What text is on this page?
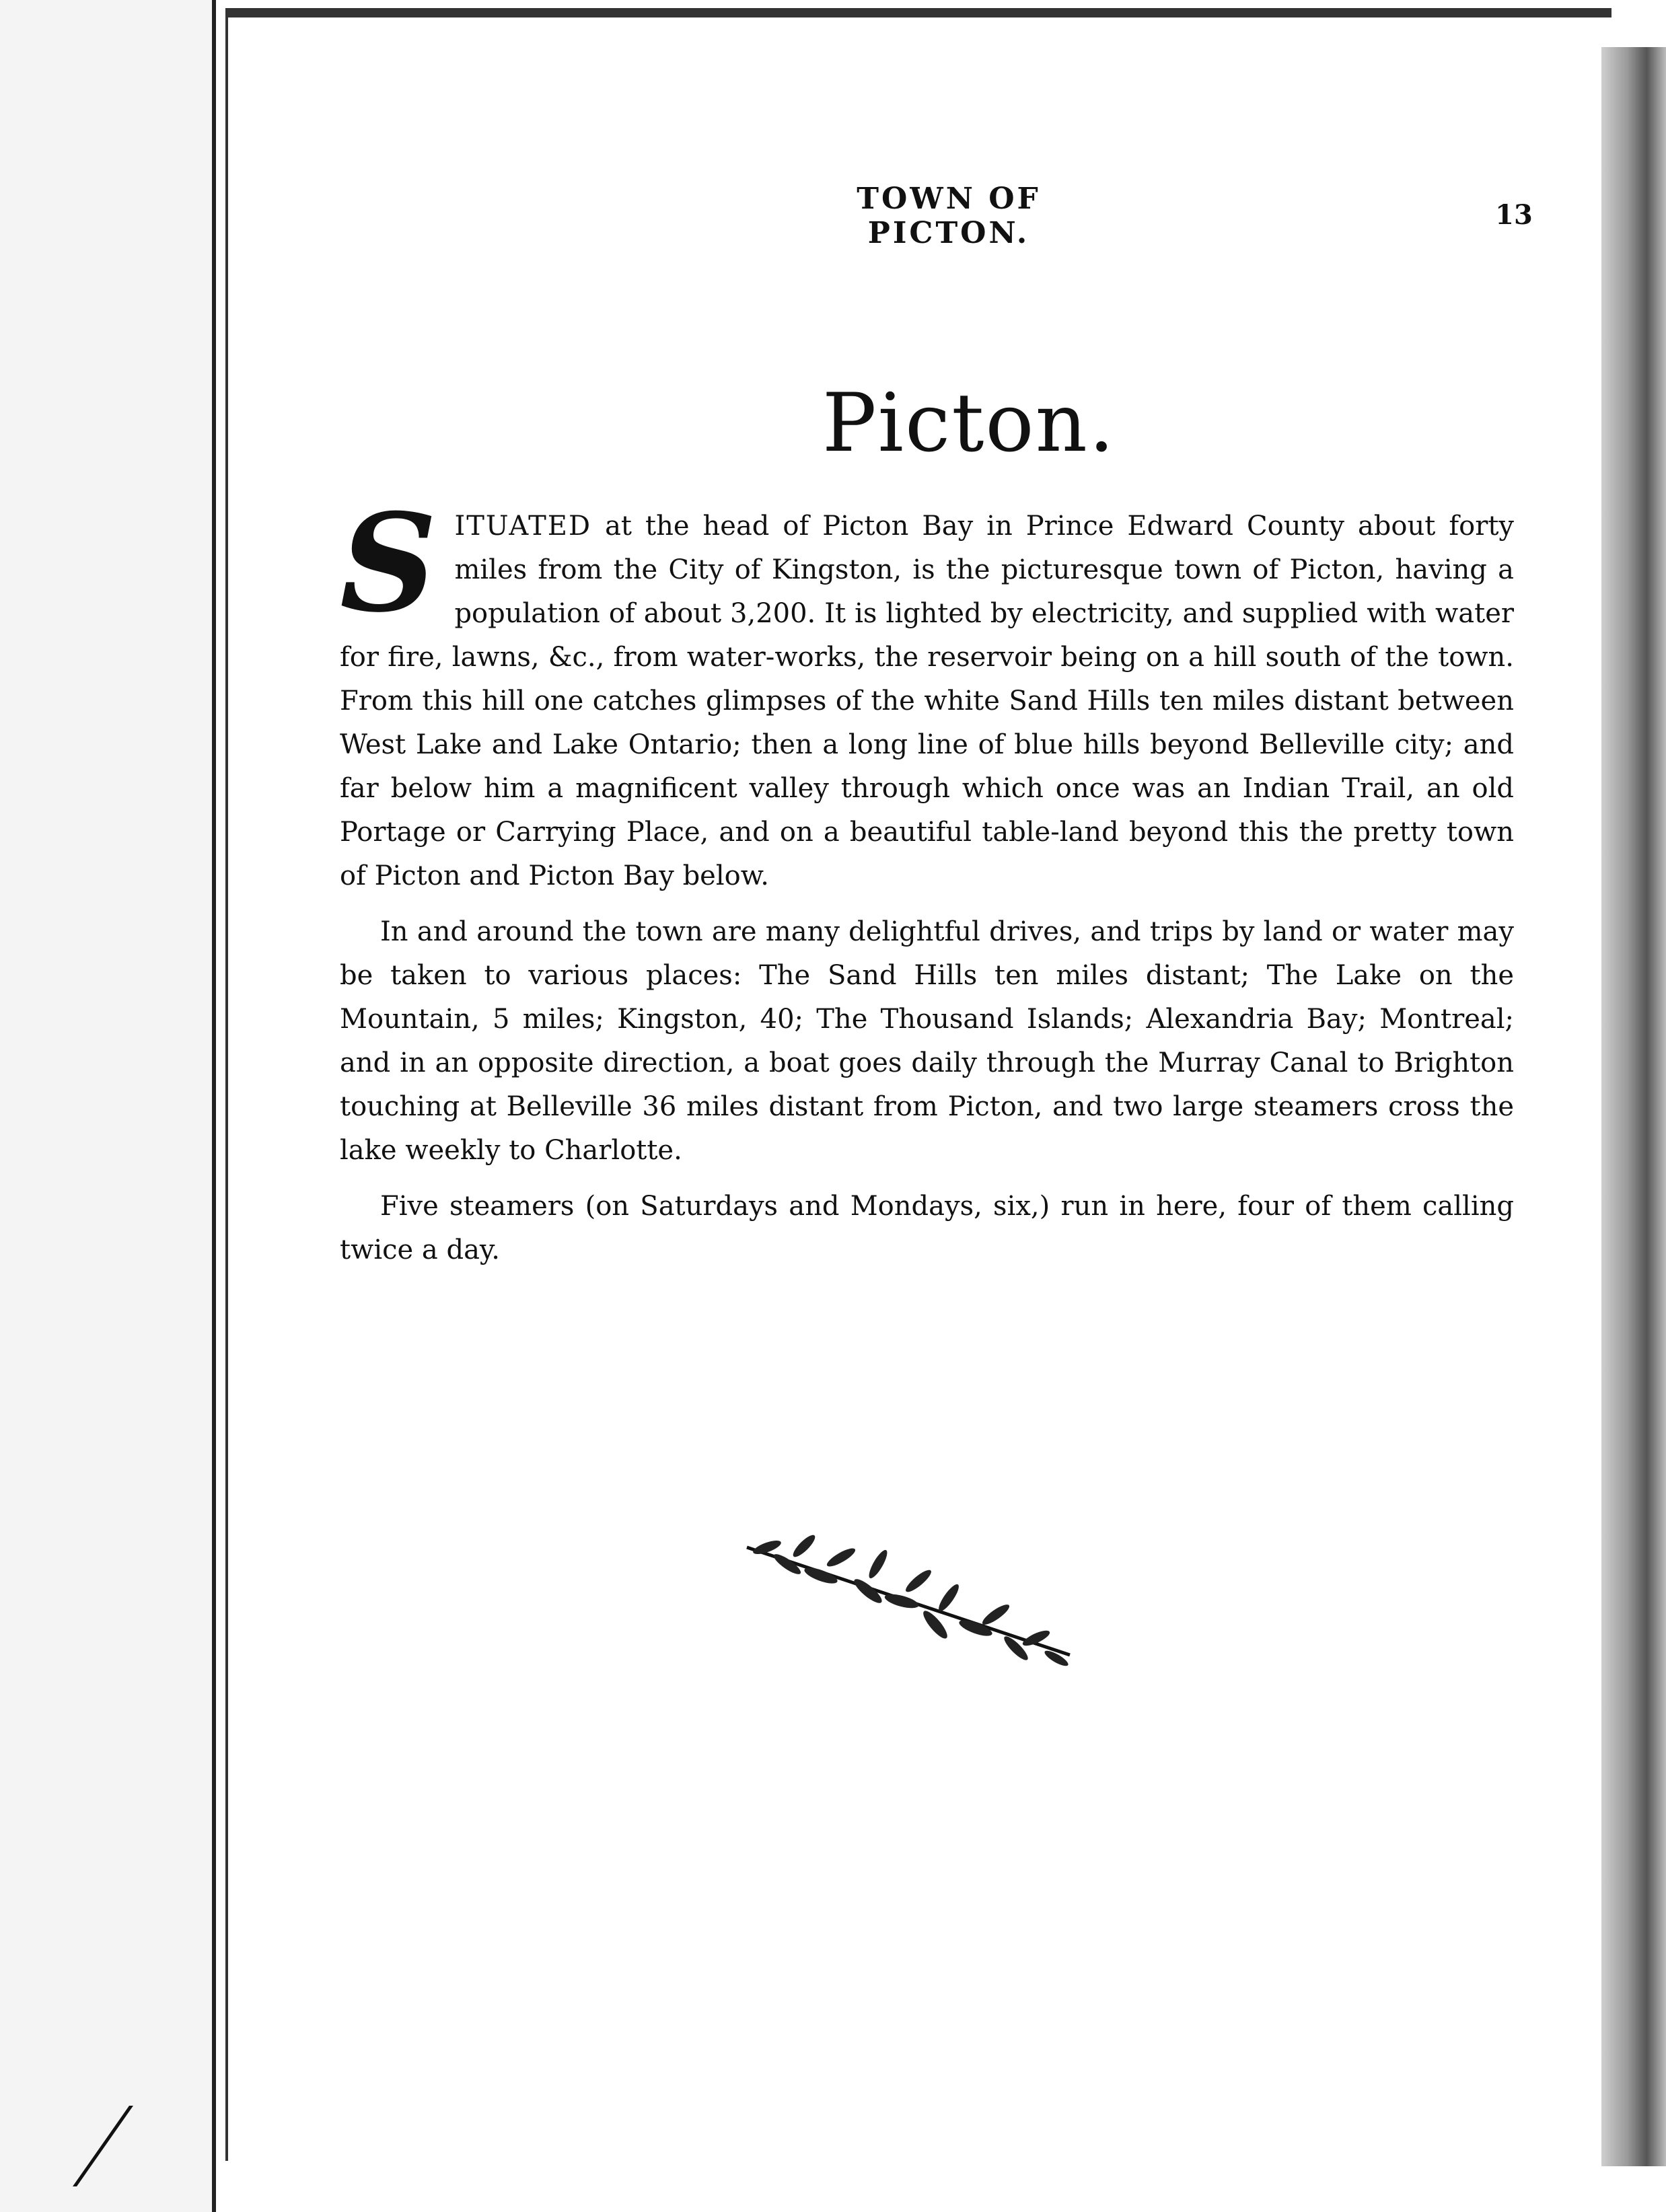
TOWN OF PICTON.
13
Picton.

SITUATED at the head of Picton Bay in Prince Edward County about forty miles from the City of Kingston, is the picturesque town of Picton, having a population of about 3,200. It is lighted by electricity, and supplied with water for fire, lawns, &c., from water-works, the reservoir being on a hill south of the town. From this hill one catches glimpses of the white Sand Hills ten miles distant between West Lake and Lake Ontario; then a long line of blue hills beyond Belleville city; and far below him a magnificent valley through which once was an Indian Trail, an old Portage or Carrying Place, and on a beautiful table-land beyond this the pretty town of Picton and Picton Bay below.

In and around the town are many delightful drives, and trips by land or water may be taken to various places: The Sand Hills ten miles distant; The Lake on the Mountain, 5 miles; Kingston, 40; The Thousand Islands; Alexandria Bay; Montreal; and in an opposite direction, a boat goes daily through the Murray Canal to Brighton touching at Belleville 36 miles distant from Picton, and two large steamers cross the lake weekly to Charlotte.

Five steamers (on Saturdays and Mondays, six,) run in here, four of them calling twice a day.
